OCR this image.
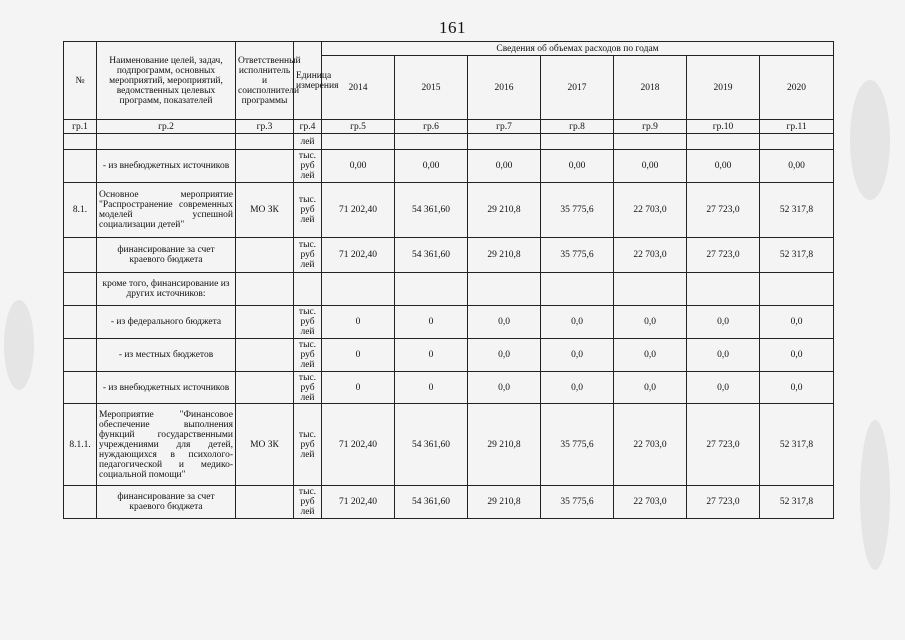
161
№	Наименование целей, задач, подпрограмм, основных мероприятий, мероприятий, ведомственных целевых программ, показателей	Ответственный исполнитель и соисполнители программы	Единица измерения	Сведения об объемах расходов по годам						
				2014	2015	2016	2017	2018	2019	2020
гр.1	гр.2	гр.3	гр.4	гр.5	гр.6	гр.7	гр.8	гр.9	гр.10	гр.11
			лей							
	- из внебюджетных источников		тыс. руб лей	0,00	0,00	0,00	0,00	0,00	0,00	0,00
8.1.	Основное мероприятие "Распространение современных моделей успешной социализации детей"	МО ЗК	тыс. руб лей	71 202,40	54 361,60	29 210,8	35 775,6	22 703,0	27 723,0	52 317,8
	финансирование за счет краевого бюджета		тыс. руб лей	71 202,40	54 361,60	29 210,8	35 775,6	22 703,0	27 723,0	52 317,8
	кроме того, финансирование из других источников:									
	- из федерального бюджета		тыс. руб лей	0	0	0,0	0,0	0,0	0,0	0,0
	- из местных бюджетов		тыс. руб лей	0	0	0,0	0,0	0,0	0,0	0,0
	- из внебюджетных источников		тыс. руб лей	0	0	0,0	0,0	0,0	0,0	0,0
8.1.1.	Мероприятие "Финансовое обеспечение выполнения функций государственными учреждениями для детей, нуждающихся в психолого-педагогической и медико-социальной помощи"	МО ЗК	тыс. руб лей	71 202,40	54 361,60	29 210,8	35 775,6	22 703,0	27 723,0	52 317,8
	финансирование за счет краевого бюджета		тыс. руб лей	71 202,40	54 361,60	29 210,8	35 775,6	22 703,0	27 723,0	52 317,8
